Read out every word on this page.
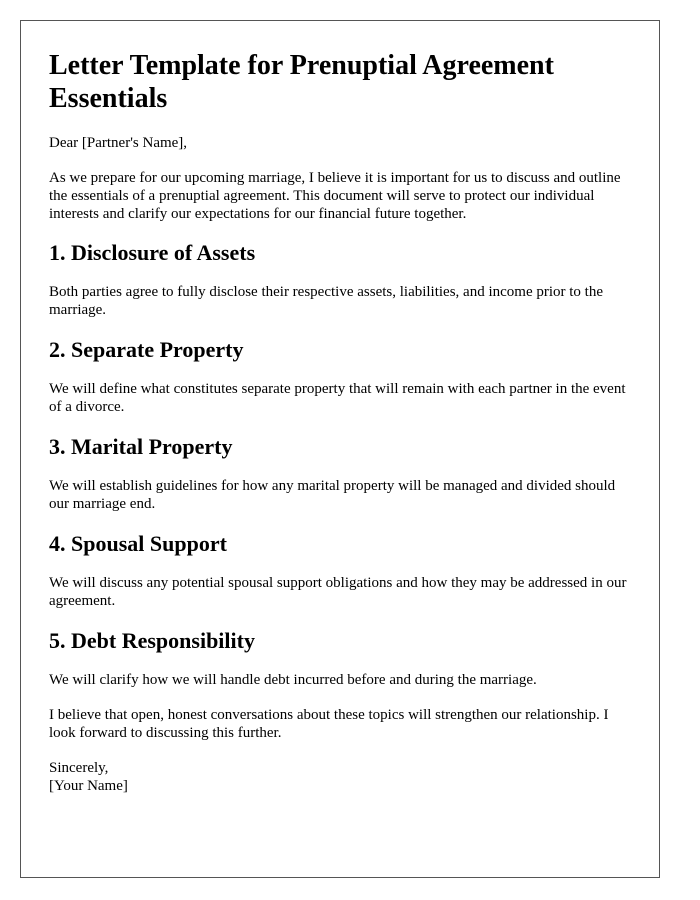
Letter Template for Prenuptial Agreement Essentials

Dear [Partner's Name],

As we prepare for our upcoming marriage, I believe it is important for us to discuss and outline the essentials of a prenuptial agreement. This document will serve to protect our individual interests and clarify our expectations for our financial future together.

1. Disclosure of Assets

Both parties agree to fully disclose their respective assets, liabilities, and income prior to the marriage.

2. Separate Property

We will define what constitutes separate property that will remain with each partner in the event of a divorce.

3. Marital Property

We will establish guidelines for how any marital property will be managed and divided should our marriage end.

4. Spousal Support

We will discuss any potential spousal support obligations and how they may be addressed in our agreement.

5. Debt Responsibility

We will clarify how we will handle debt incurred before and during the marriage.

I believe that open, honest conversations about these topics will strengthen our relationship. I look forward to discussing this further.

Sincerely,

[Your Name]
